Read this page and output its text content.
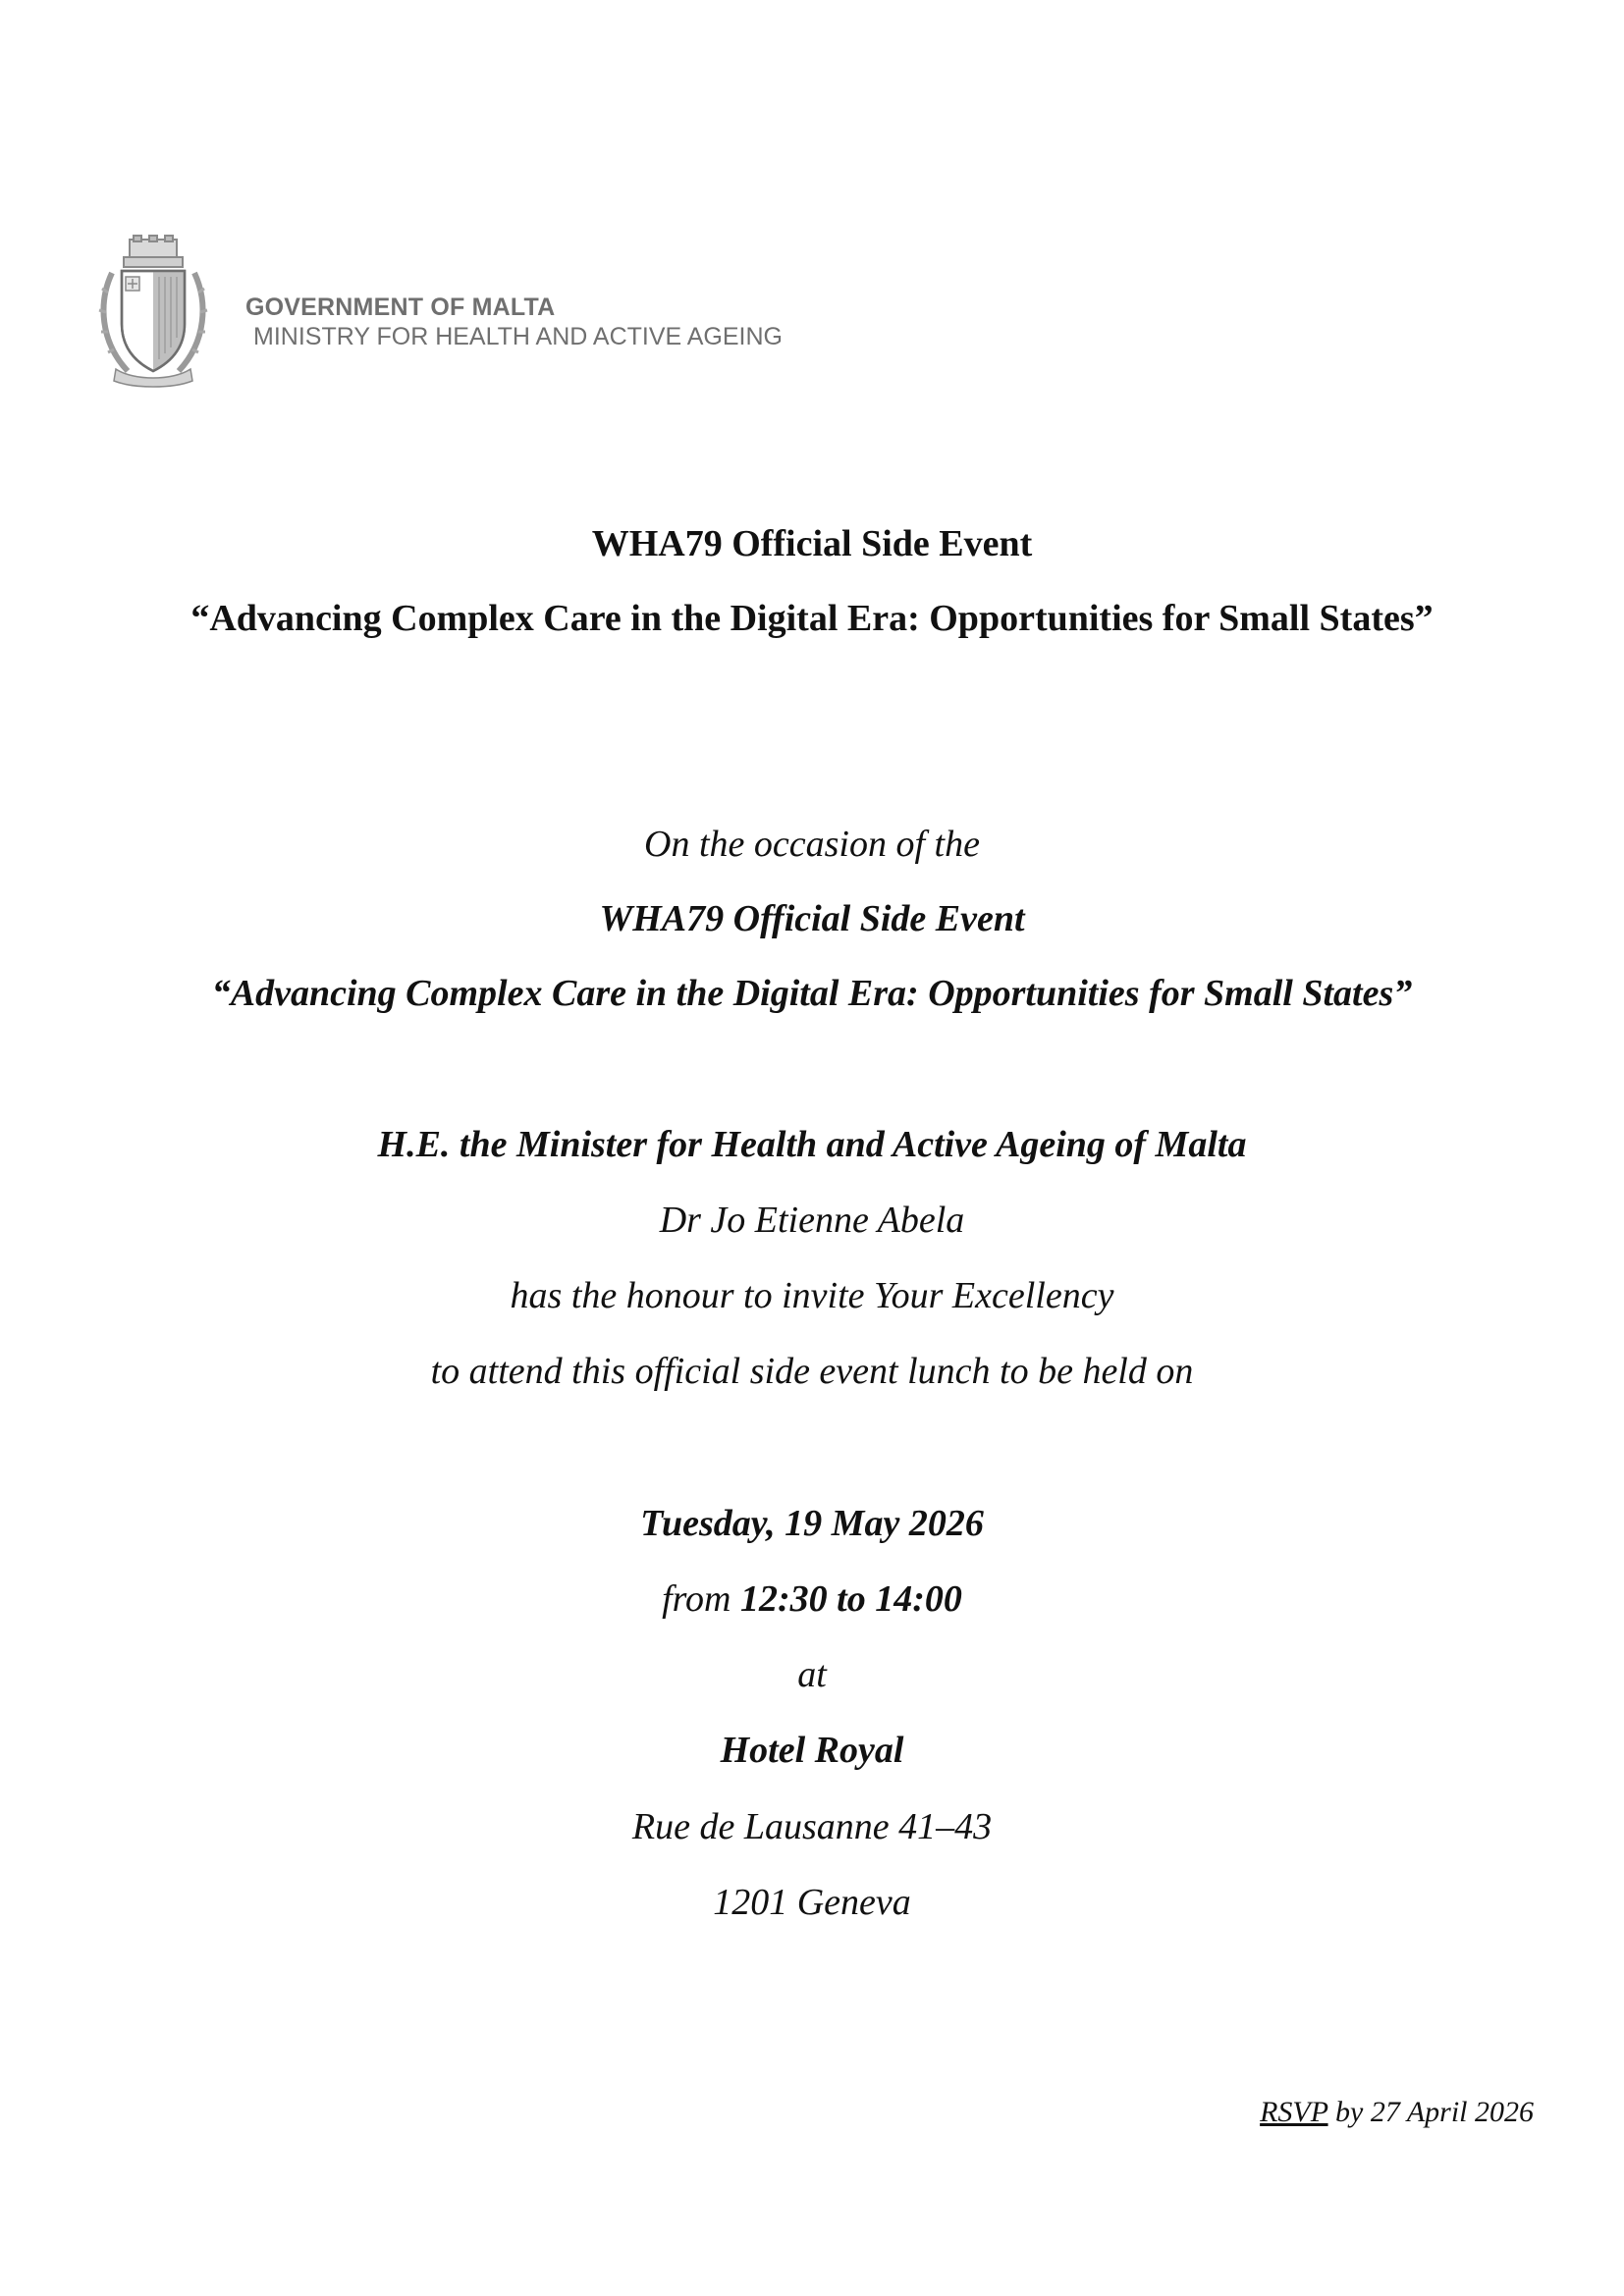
GOVERNMENT OF MALTA
MINISTRY FOR HEALTH AND ACTIVE AGEING
WHA79 Official Side Event
“Advancing Complex Care in the Digital Era: Opportunities for Small States”
On the occasion of the
WHA79 Official Side Event
“Advancing Complex Care in the Digital Era: Opportunities for Small States”
H.E. the Minister for Health and Active Ageing of Malta
Dr Jo Etienne Abela
has the honour to invite Your Excellency
to attend this official side event lunch to be held on
Tuesday, 19 May 2026
from 12:30 to 14:00
at
Hotel Royal
Rue de Lausanne 41–43
1201 Geneva
RSVP by 27 April 2026
